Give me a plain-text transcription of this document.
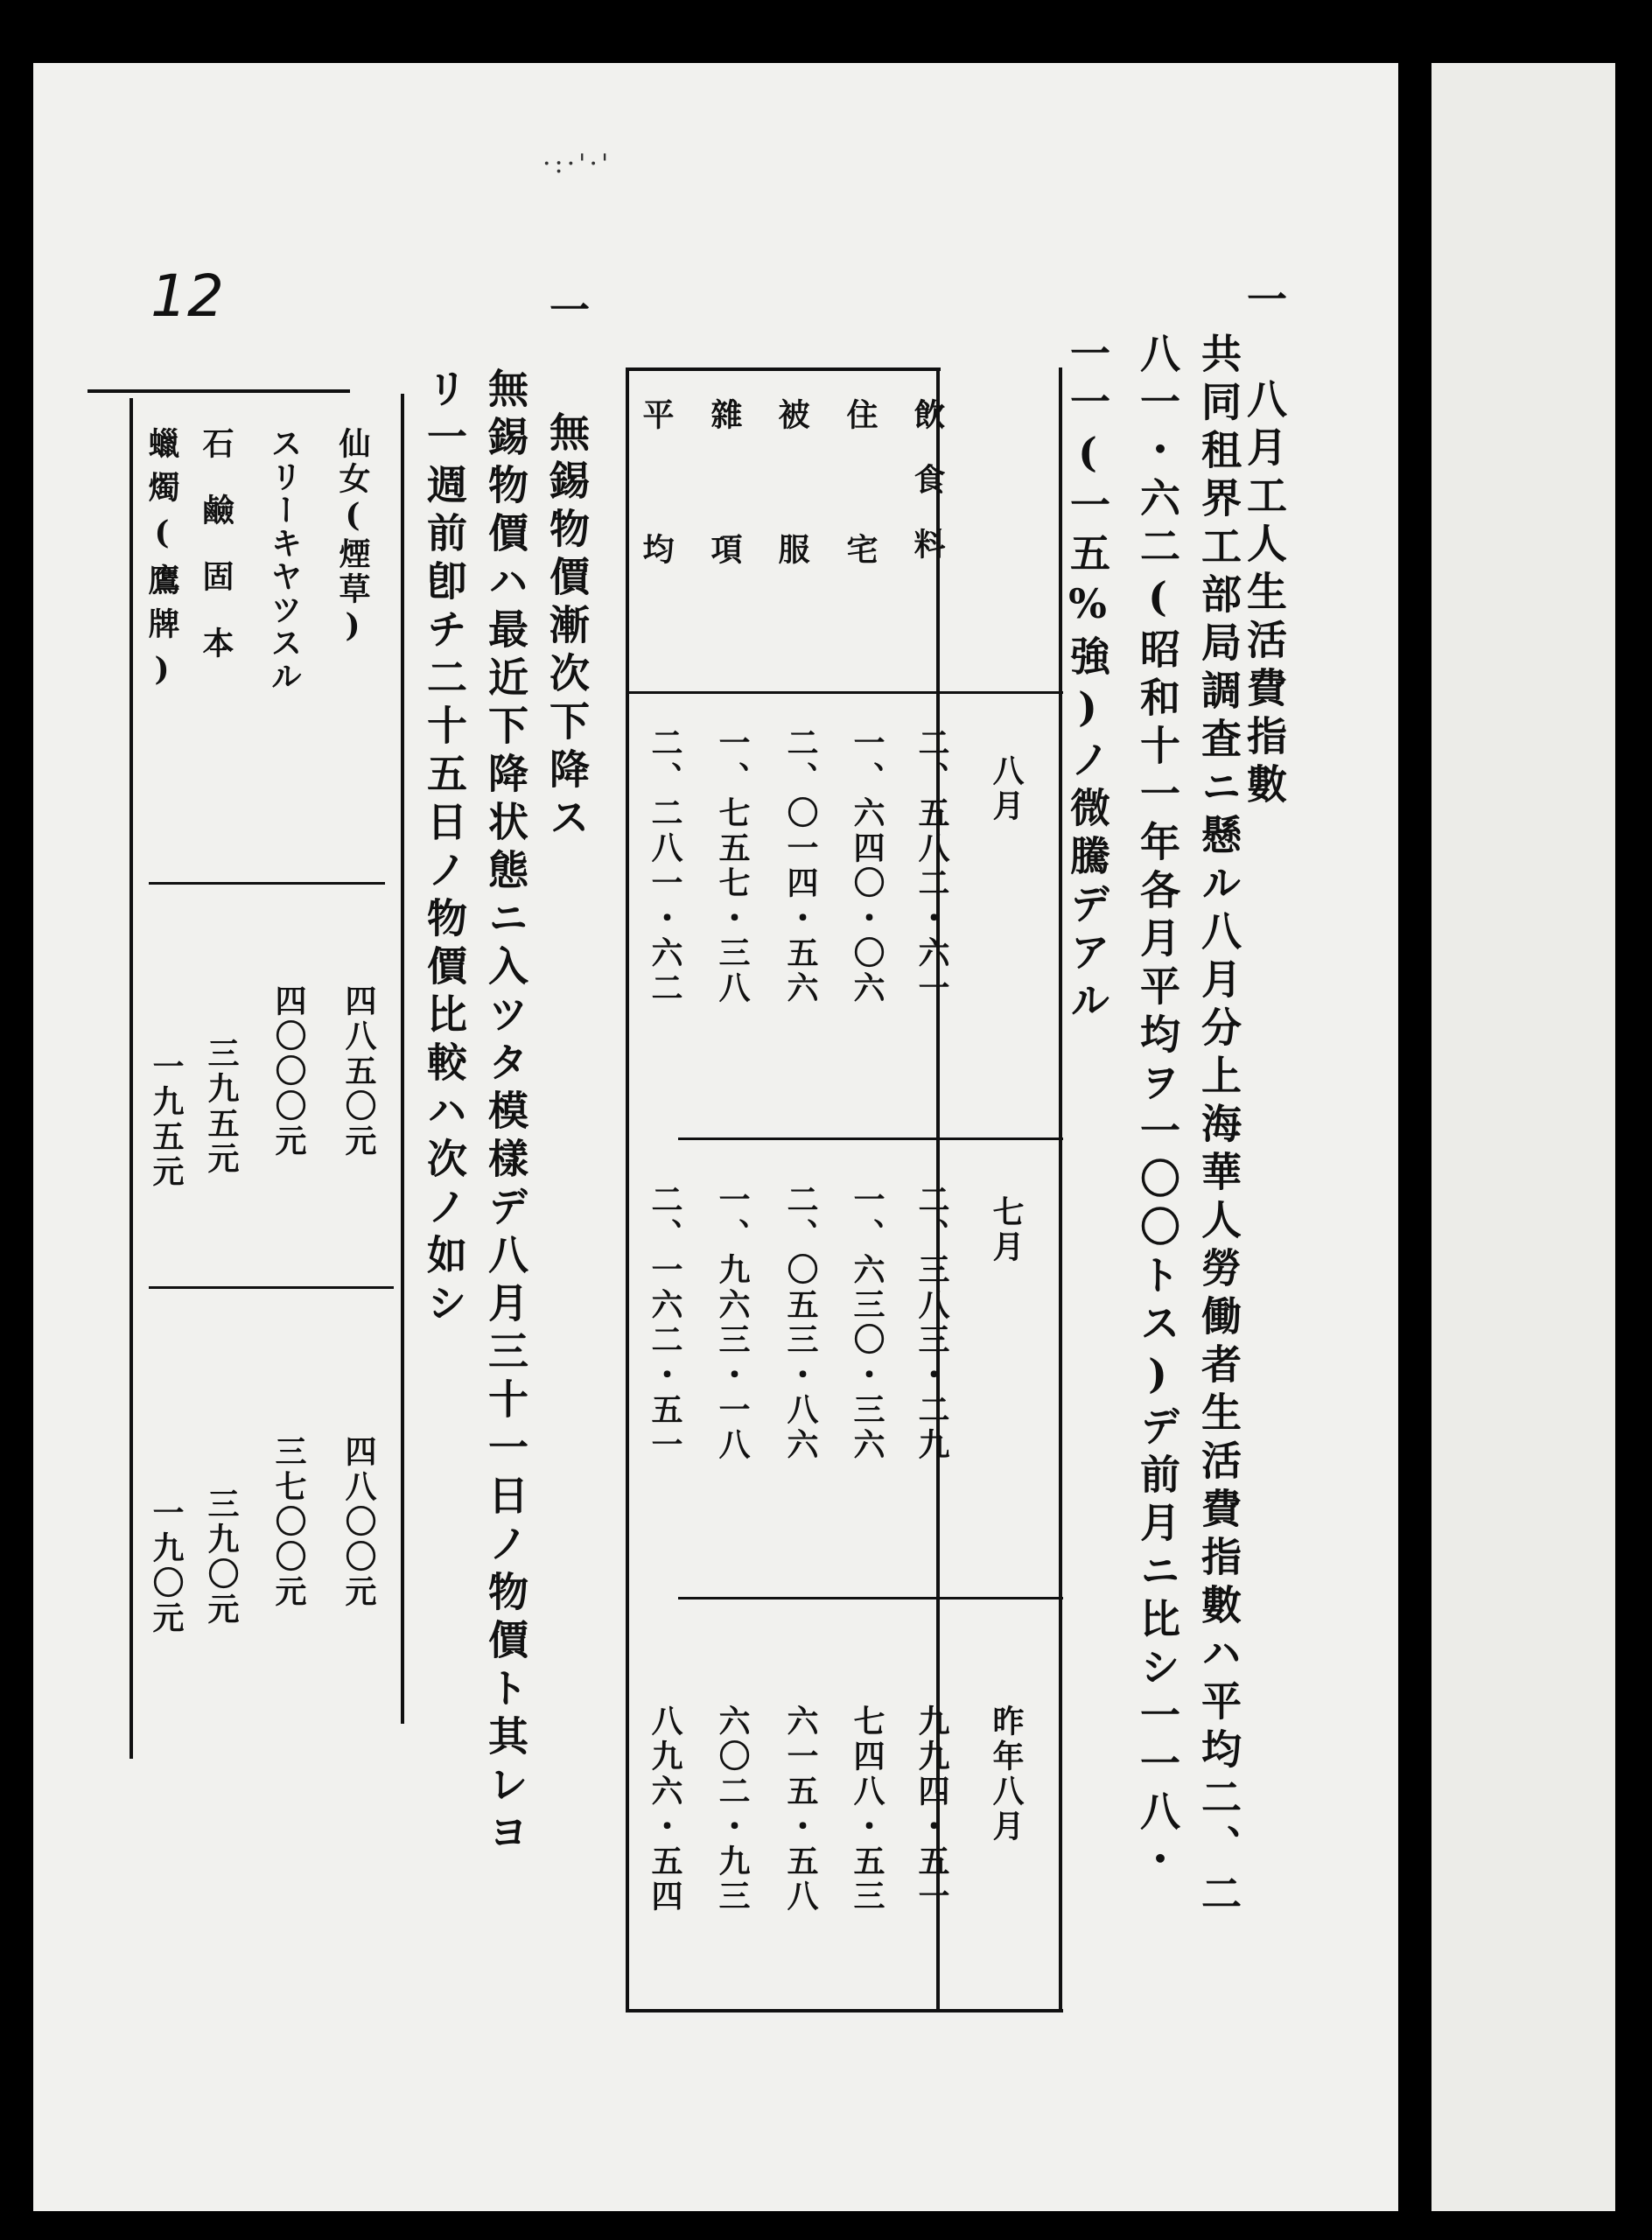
12
·:·'·'
一
八月工人生活費指數
共同租界工部局調査ニ懸ル八月分上海華人勞働者生活費指數ハ平均二、二
八一・六二(昭和十一年各月平均ヲ一〇〇トス)デ前月ニ比シ一一八・
一一(一五%強)ノ微騰デアル
八月
七月
昨年八月
飲食料
二、五八二・六一
二、三八三・二九
九九四・五一
住宅
一、六四〇・〇六
一、六三〇・三六
七四八・五三
被服
二、〇一四・五六
二、〇五三・八六
六一五・五八
雜項
一、七五七・三八
一、九六三・一八
六〇二・九三
平均
二、二八一・六二
二、一六二・五一
八九六・五四
一
無錫物價漸次下降ス
無錫物價ハ最近下降状態ニ入ツタ模樣デ八月三十一日ノ物價ト其レヨ
リ一週前卽チ二十五日ノ物價比較ハ次ノ如シ
仙女(煙草)
四八五〇元
四八〇〇元
スリーキヤツスル
四〇〇〇元
三七〇〇元
石鹼固本
三九五元
三九〇元
蠟燭(鷹牌)
一九五元
一九〇元
